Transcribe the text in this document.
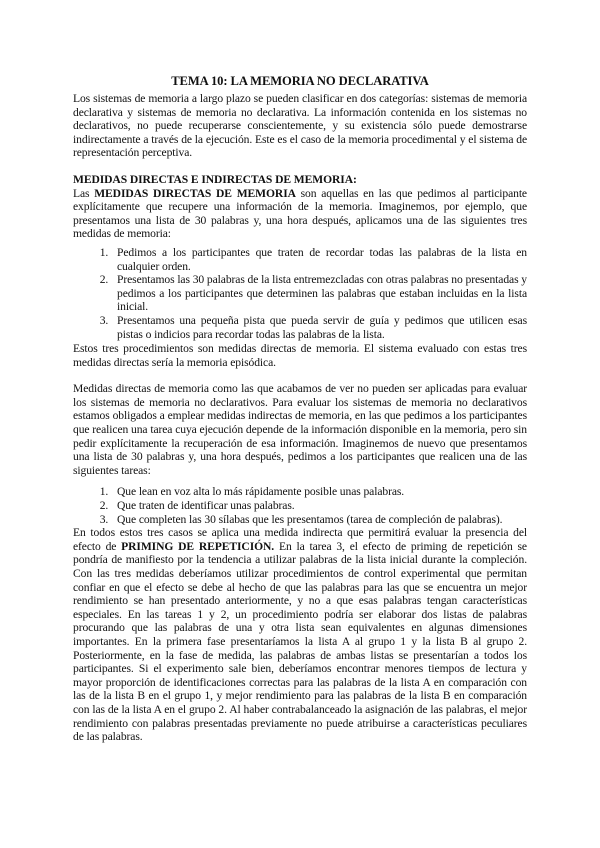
TEMA 10: LA MEMORIA NO DECLARATIVA

Los sistemas de memoria a largo plazo se pueden clasificar en dos categorías: sistemas de memoria declarativa y sistemas de memoria no declarativa. La información contenida en los sistemas no declarativos, no puede recuperarse conscientemente, y su existencia sólo puede demostrarse indirectamente a través de la ejecución. Este es el caso de la memoria procedimental y el sistema de representación perceptiva.

MEDIDAS DIRECTAS E INDIRECTAS DE MEMORIA:

Las MEDIDAS DIRECTAS DE MEMORIA son aquellas en las que pedimos al participante explícitamente que recupere una información de la memoria. Imaginemos, por ejemplo, que presentamos una lista de 30 palabras y, una hora después, aplicamos una de las siguientes tres medidas de memoria:

1. Pedimos a los participantes que traten de recordar todas las palabras de la lista en cualquier orden.
2. Presentamos las 30 palabras de la lista entremezcladas con otras palabras no presentadas y pedimos a los participantes que determinen las palabras que estaban incluidas en la lista inicial.
3. Presentamos una pequeña pista que pueda servir de guía y pedimos que utilicen esas pistas o indicios para recordar todas las palabras de la lista.

Estos tres procedimientos son medidas directas de memoria. El sistema evaluado con estas tres medidas directas sería la memoria episódica.

Medidas directas de memoria como las que acabamos de ver no pueden ser aplicadas para evaluar los sistemas de memoria no declarativos. Para evaluar los sistemas de memoria no declarativos estamos obligados a emplear medidas indirectas de memoria, en las que pedimos a los participantes que realicen una tarea cuya ejecución depende de la información disponible en la memoria, pero sin pedir explícitamente la recuperación de esa información. Imaginemos de nuevo que presentamos una lista de 30 palabras y, una hora después, pedimos a los participantes que realicen una de las siguientes tareas:

1. Que lean en voz alta lo más rápidamente posible unas palabras.
2. Que traten de identificar unas palabras.
3. Que completen las 30 sílabas que les presentamos (tarea de compleción de palabras).

En todos estos tres casos se aplica una medida indirecta que permitirá evaluar la presencia del efecto de PRIMING DE REPETICIÓN. En la tarea 3, el efecto de priming de repetición se pondría de manifiesto por la tendencia a utilizar palabras de la lista inicial durante la compleción. Con las tres medidas deberíamos utilizar procedimientos de control experimental que permitan confiar en que el efecto se debe al hecho de que las palabras para las que se encuentra un mejor rendimiento se han presentado anteriormente, y no a que esas palabras tengan características especiales. En las tareas 1 y 2, un procedimiento podría ser elaborar dos listas de palabras procurando que las palabras de una y otra lista sean equivalentes en algunas dimensiones importantes. En la primera fase presentaríamos la lista A al grupo 1 y la lista B al grupo 2. Posteriormente, en la fase de medida, las palabras de ambas listas se presentarían a todos los participantes. Si el experimento sale bien, deberíamos encontrar menores tiempos de lectura y mayor proporción de identificaciones correctas para las palabras de la lista A en comparación con las de la lista B en el grupo 1, y mejor rendimiento para las palabras de la lista B en comparación con las de la lista A en el grupo 2. Al haber contrabalanceado la asignación de las palabras, el mejor rendimiento con palabras presentadas previamente no puede atribuirse a características peculiares de las palabras.
